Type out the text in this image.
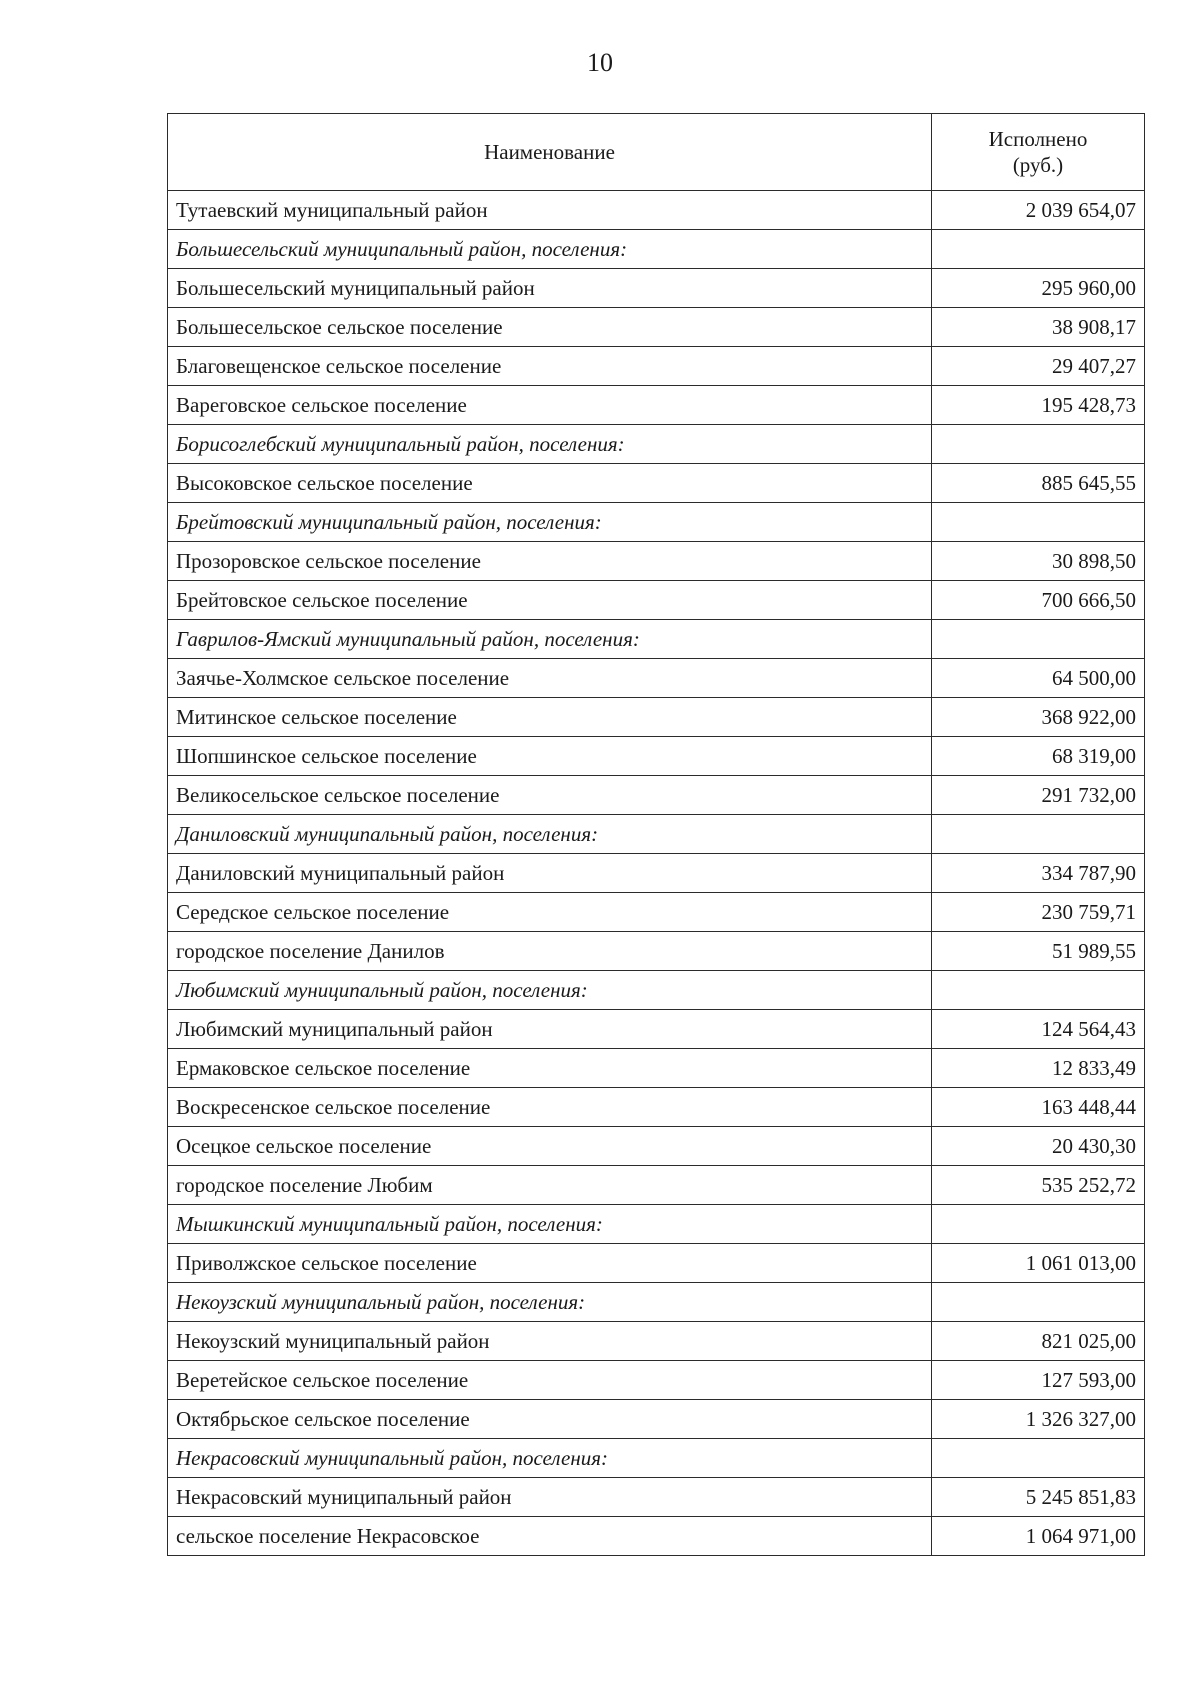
10
Наименование	Исполнено
(руб.)

Тутаевский муниципальный район	2 039 654,07
Большесельский муниципальный район, поселения:	
Большесельский муниципальный район	295 960,00
Большесельское сельское поселение	38 908,17
Благовещенское сельское поселение	29 407,27
Вареговское сельское поселение	195 428,73
Борисоглебский муниципальный район, поселения:	
Высоковское сельское поселение	885 645,55
Брейтовский муниципальный район, поселения:	
Прозоровское сельское поселение	30 898,50
Брейтовское сельское поселение	700 666,50
Гаврилов-Ямский муниципальный район, поселения:	
Заячье-Холмское сельское поселение	64 500,00
Митинское сельское поселение	368 922,00
Шопшинское сельское поселение	68 319,00
Великосельское сельское поселение	291 732,00
Даниловский муниципальный район, поселения:	
Даниловский муниципальный район	334 787,90
Середское сельское поселение	230 759,71
городское поселение Данилов	51 989,55
Любимский муниципальный район, поселения:	
Любимский муниципальный район	124 564,43
Ермаковское сельское поселение	12 833,49
Воскресенское сельское поселение	163 448,44
Осецкое сельское поселение	20 430,30
городское поселение Любим	535 252,72
Мышкинский муниципальный район, поселения:	
Приволжское сельское поселение	1 061 013,00
Некоузский муниципальный район, поселения:	
Некоузский муниципальный район	821 025,00
Веретейское сельское поселение	127 593,00
Октябрьское сельское поселение	1 326 327,00
Некрасовский муниципальный район, поселения:	
Некрасовский муниципальный район	5 245 851,83
сельское поселение Некрасовское	1 064 971,00
